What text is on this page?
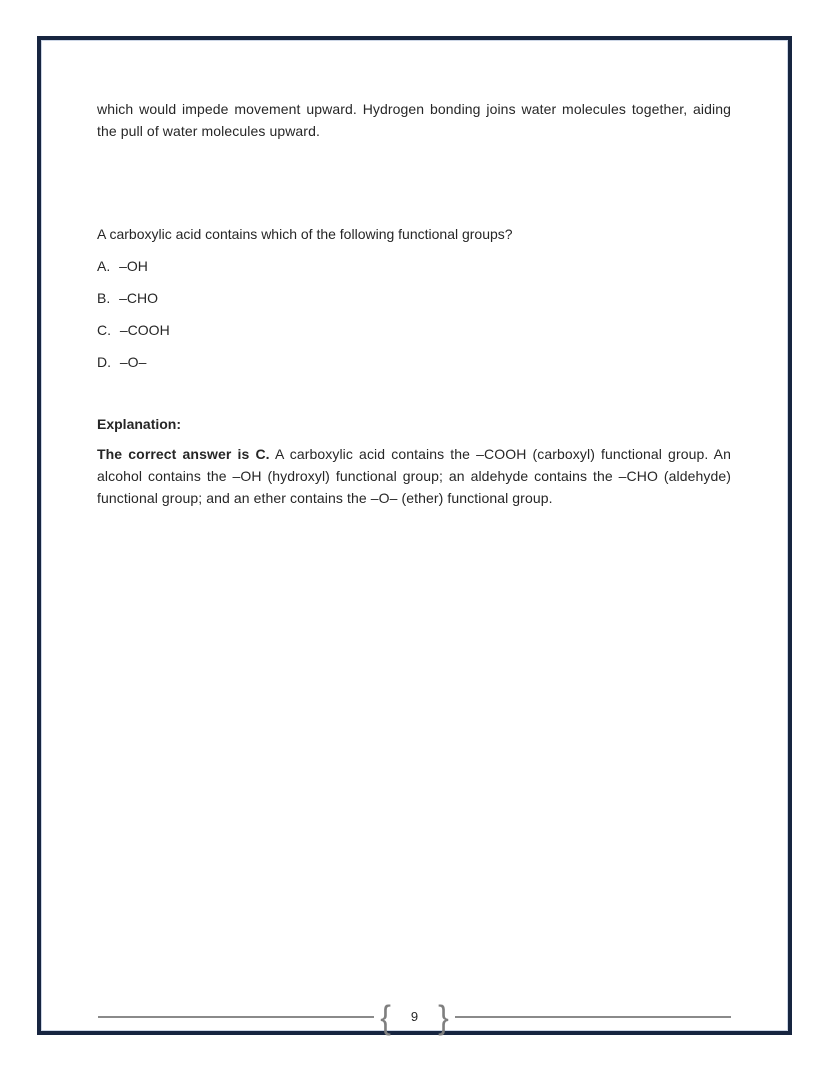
which would impede movement upward. Hydrogen bonding joins water molecules together, aiding the pull of water molecules upward.

A carboxylic acid contains which of the following functional groups?

A. –OH

B. –CHO

C. –COOH

D. –O–

Explanation:

The correct answer is C. A carboxylic acid contains the –COOH (carboxyl) functional group. An alcohol contains the –OH (hydroxyl) functional group; an aldehyde contains the –CHO (aldehyde) functional group; and an ether contains the –O– (ether) functional group.

{	9 }
